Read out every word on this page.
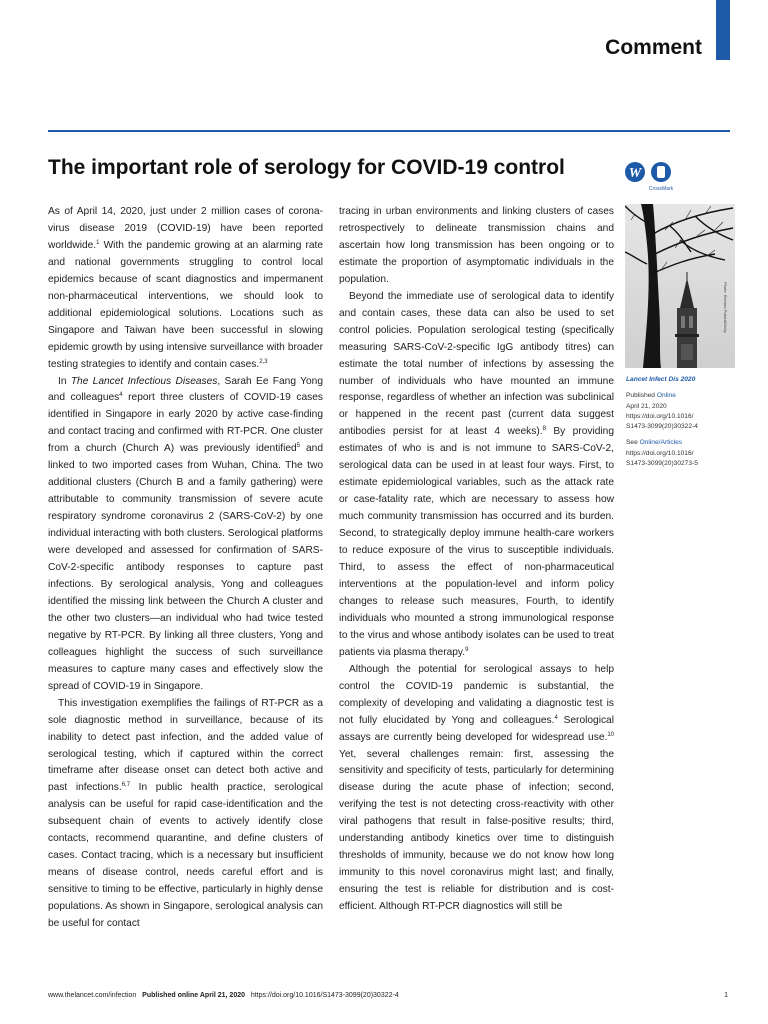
Comment
The important role of serology for COVID-19 control

As of April 14, 2020, just under 2 million cases of corona-virus disease 2019 (COVID-19) have been reported worldwide.$^1$ With the pandemic growing at an alarming rate and national governments struggling to control local epidemics because of scant diagnostics and impermanent non-pharmaceutical interventions, we should look to additional epidemiological solutions. Locations such as Singapore and Taiwan have been successful in slowing epidemic growth by using intensive surveillance with broader testing strategies to identify and contain cases.$^{2,3}$

In The Lancet Infectious Diseases, Sarah Ee Fang Yong and colleagues$^4$ report three clusters of COVID-19 cases identified in Singapore in early 2020 by active case-finding and contact tracing and confirmed with RT-PCR. One cluster from a church (Church A) was previously identified$^5$ and linked to two imported cases from Wuhan, China. The two additional clusters (Church B and a family gathering) were attributable to community transmission of severe acute respiratory syndrome coronavirus 2 (SARS-CoV-2) by one individual interacting with both clusters. Serological platforms were developed and assessed for confirmation of SARS-CoV-2-specific antibody responses to capture past infections. By serological analysis, Yong and colleagues identified the missing link between the Church A cluster and the other two clusters—an individual who had twice tested negative by RT-PCR. By linking all three clusters, Yong and colleagues highlight the success of such surveillance measures to capture many cases and effectively slow the spread of COVID-19 in Singapore.

This investigation exemplifies the failings of RT-PCR as a sole diagnostic method in surveillance, because of its inability to detect past infection, and the added value of serological testing, which if captured within the correct timeframe after disease onset can detect both active and past infections.$^{6,7}$ In public health practice, serological analysis can be useful for rapid case-identification and the subsequent chain of events to actively identify close contacts, recommend quarantine, and define clusters of cases. Contact tracing, which is a necessary but insufficient means of disease control, needs careful effort and is sensitive to timing to be effective, particularly in highly dense populations. As shown in Singapore, serological analysis can be useful for contact

tracing in urban environments and linking clusters of cases retrospectively to delineate transmission chains and ascertain how long transmission has been ongoing or to estimate the proportion of asymptomatic individuals in the population.

Beyond the immediate use of serological data to identify and contain cases, these data can also be used to set control policies. Population serological testing (specifically measuring SARS-CoV-2-specific IgG antibody titres) can estimate the total number of infections by assessing the number of individuals who have mounted an immune response, regardless of whether an infection was subclinical or happened in the recent past (current data suggest antibodies persist for at least 4 weeks).$^8$ By providing estimates of who is and is not immune to SARS-CoV-2, serological data can be used in at least four ways. First, to estimate epidemiological variables, such as the attack rate or case-fatality rate, which are necessary to assess how much community transmission has occurred and its burden. Second, to strategically deploy immune health-care workers to reduce exposure of the virus to susceptible individuals. Third, to assess the effect of non-pharmaceutical interventions at the population-level and inform policy changes to release such measures, Fourth, to identify individuals who mounted a strong immunological response to the virus and whose antibody isolates can be used to treat patients via plasma therapy.$^9$

Although the potential for serological assays to help control the COVID-19 pandemic is substantial, the complexity of developing and validating a diagnostic test is not fully elucidated by Yong and colleagues.$^4$ Serological assays are currently being developed for widespread use.$^{10}$ Yet, several challenges remain: first, assessing the sensitivity and specificity of tests, particularly for determining disease during the acute phase of infection; second, verifying the test is not detecting cross-reactivity with other viral pathogens that result in false-positive results; third, understanding antibody kinetics over time to distinguish thresholds of immunity, because we do not know how long immunity to this novel coronavirus might last; and finally, ensuring the test is reliable for distribution and is cost-efficient. Although RT-PCR diagnostics will still be

W
CrossMark
Photo: Richard Pollard/Getty
Lancet Infect Dis 2020
Published Online
April 21, 2020
https://doi.org/10.1016/
S1473-3099(20)30322-4
See Online/Articles
https://doi.org/10.1016/
S1473-3099(20)30273-5
www.thelancet.com/infection Published online April 21, 2020 https://doi.org/10.1016/S1473-3099(20)30322-4	1
